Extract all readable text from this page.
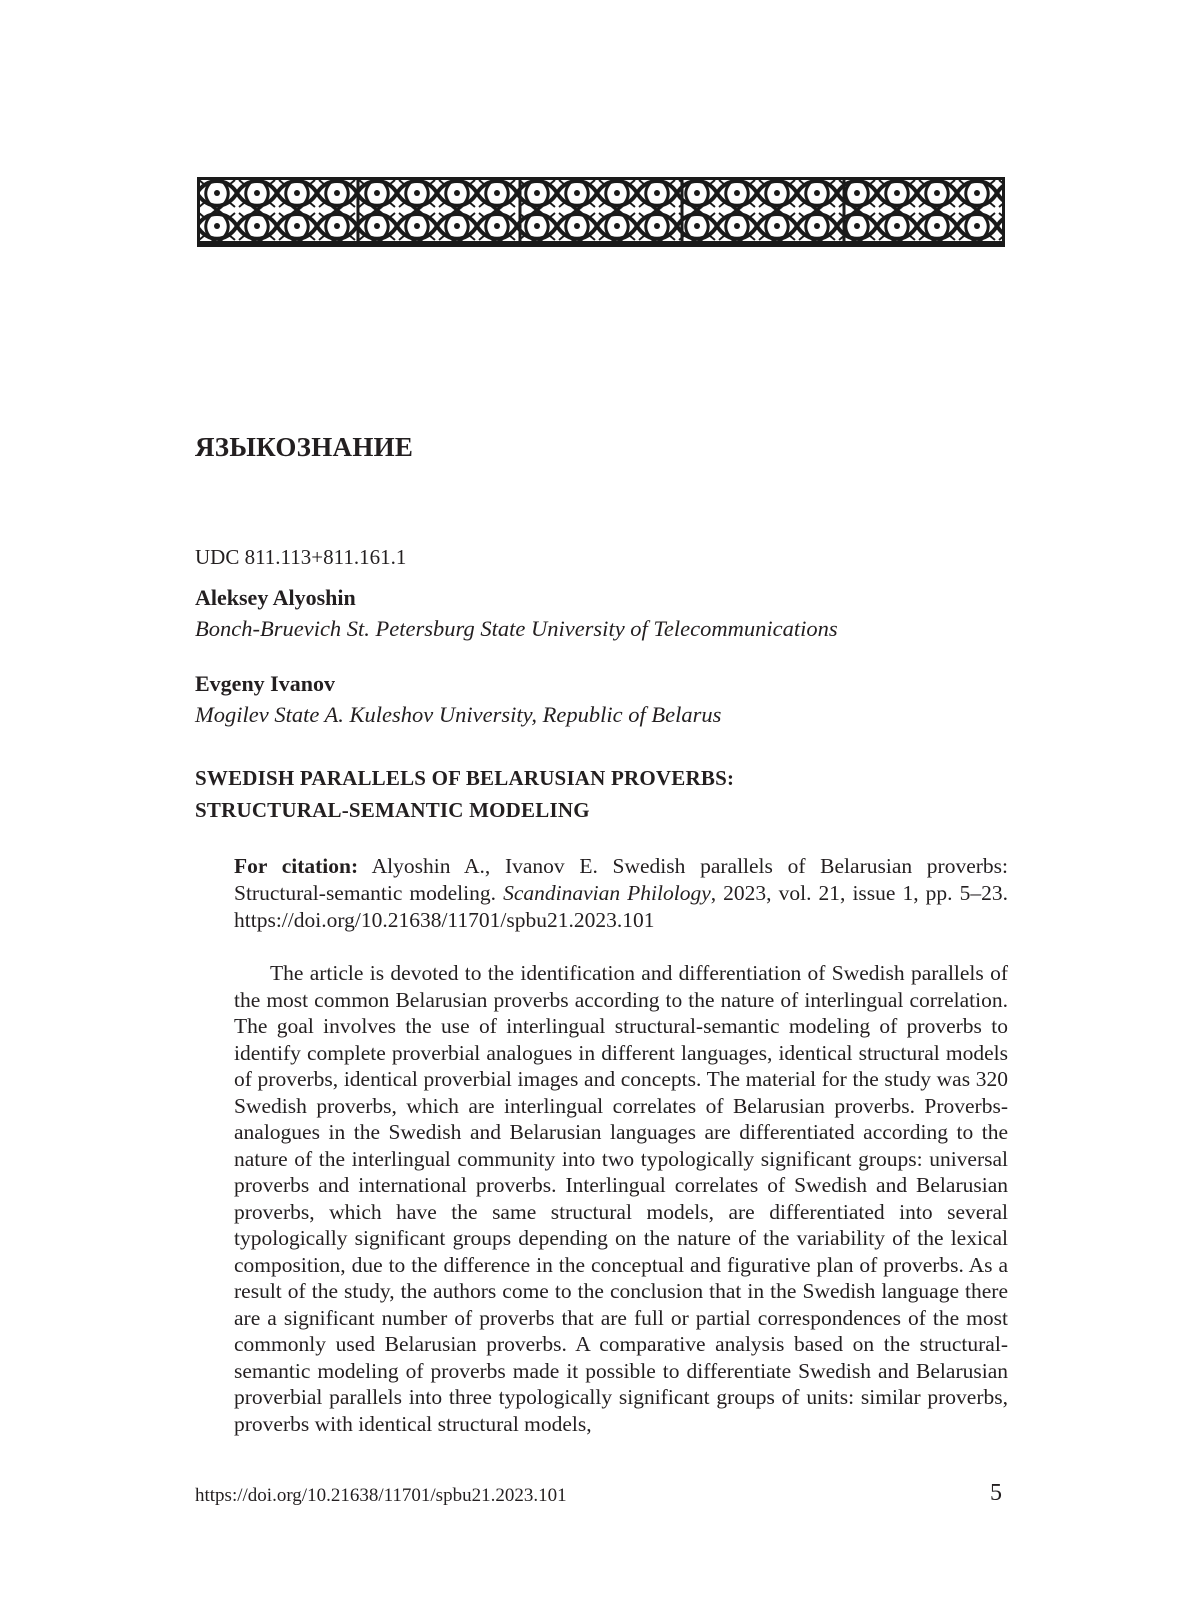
ЯЗЫКОЗНАНИЕ

UDC 811.113+811.161.1

Aleksey Alyoshin

Bonch-Bruevich St. Petersburg State University of Telecommunications

Evgeny Ivanov

Mogilev State A. Kuleshov University, Republic of Belarus

SWEDISH PARALLELS OF BELARUSIAN PROVERBS:
STRUCTURAL-SEMANTIC MODELING

For citation: Alyoshin A., Ivanov E. Swedish parallels of Belarusian proverbs: Structural-semantic modeling. Scandinavian Philology, 2023, vol. 21, issue 1, pp. 5–23. https://doi.org/10.21638/11701/spbu21.2023.101

The article is devoted to the identification and differentiation of Swedish parallels of the most common Belarusian proverbs according to the nature of interlingual correlation. The goal involves the use of interlingual structural-semantic modeling of proverbs to identify complete proverbial analogues in different languages, identical structural models of proverbs, identical proverbial images and concepts. The material for the study was 320 Swedish proverbs, which are interlingual correlates of Belarusian proverbs. Proverbs-analogues in the Swedish and Belarusian languages are differentiated according to the nature of the interlingual community into two typologically significant groups: universal proverbs and international proverbs. Interlingual correlates of Swedish and Belarusian proverbs, which have the same structural models, are differentiated into several typologically significant groups depending on the nature of the variability of the lexical composition, due to the difference in the conceptual and figurative plan of proverbs. As a result of the study, the authors come to the conclusion that in the Swedish language there are a significant number of proverbs that are full or partial correspondences of the most commonly used Belarusian proverbs. A comparative analysis based on the structural-semantic modeling of proverbs made it possible to differentiate Swedish and Belarusian proverbial parallels into three typologically significant groups of units: similar proverbs, proverbs with identical structural models,

https://doi.org/10.21638/11701/spbu21.2023.101	5
